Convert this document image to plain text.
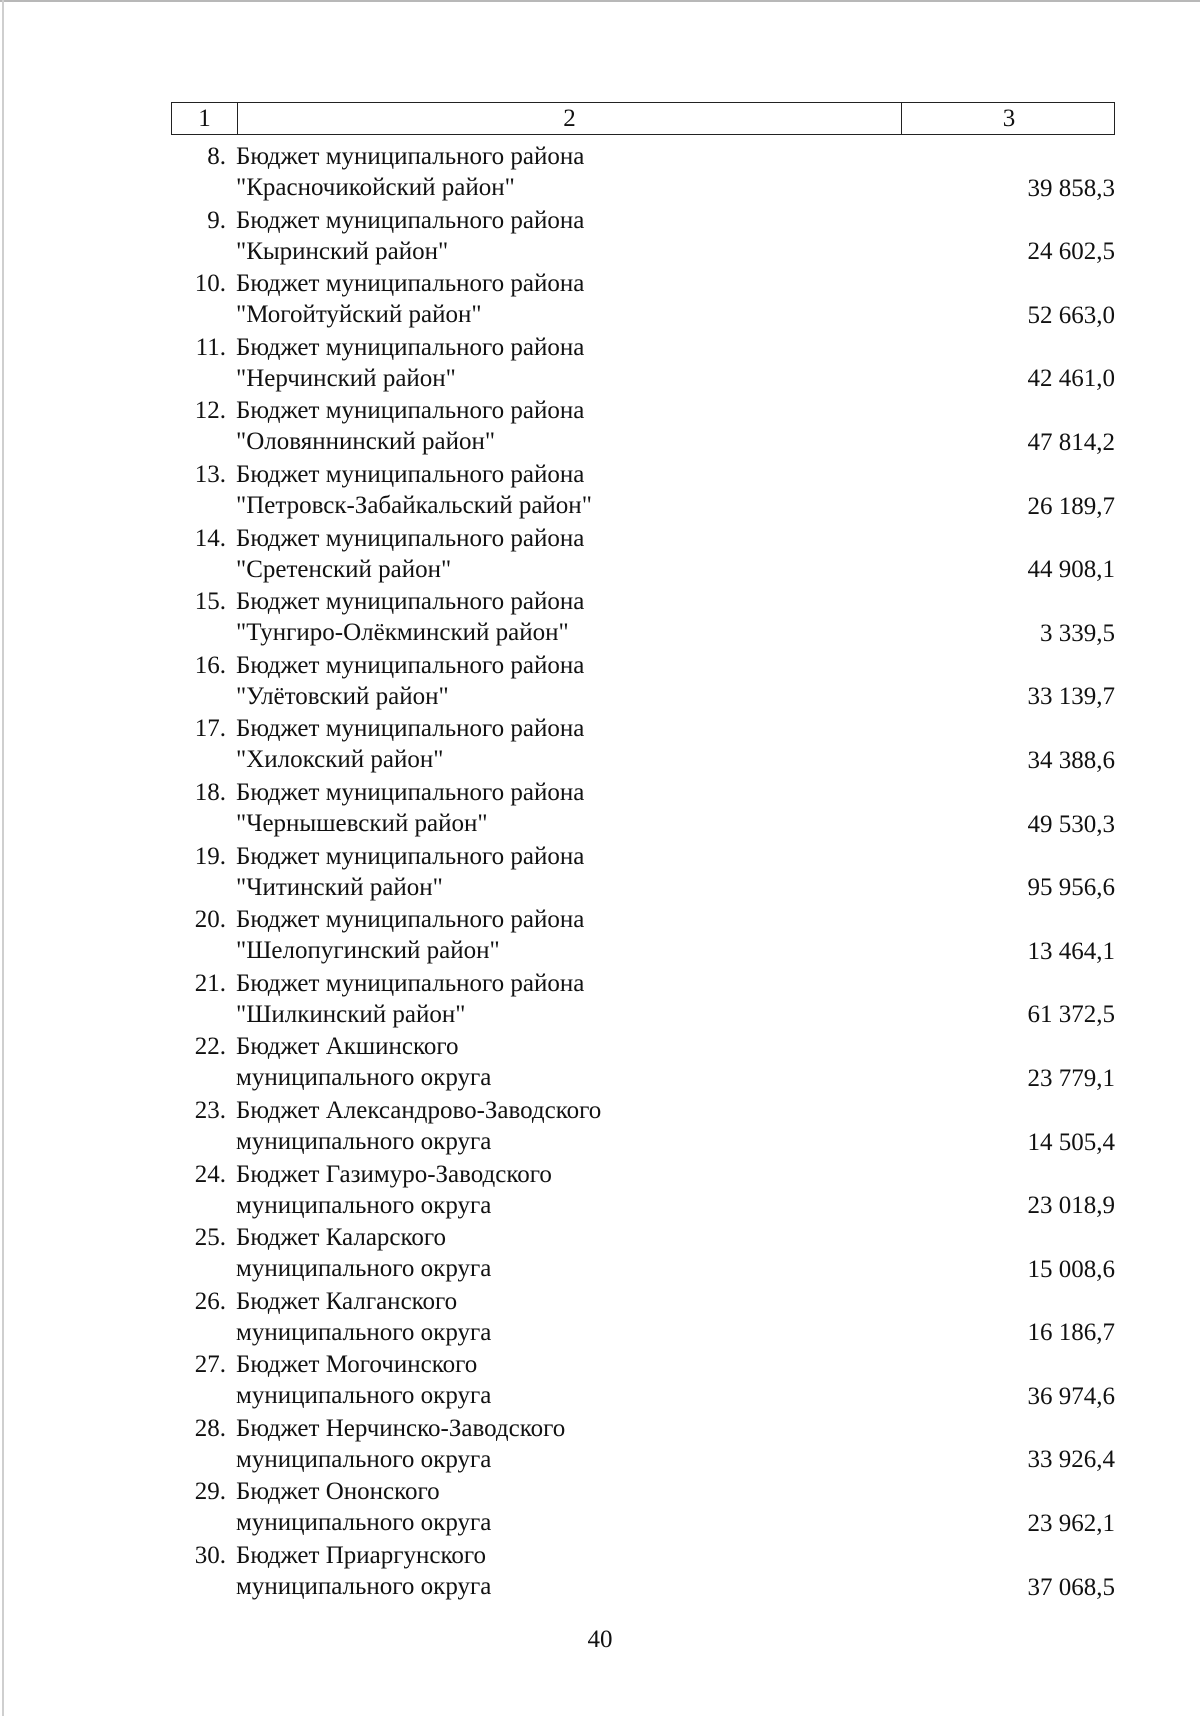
1	2	3
8. Бюджет муниципального района
"Красночикойский район"	39 858,3
9. Бюджет муниципального района
"Кыринский район"	24 602,5
10. Бюджет муниципального района
"Могойтуйский район"	52 663,0
11. Бюджет муниципального района
"Нерчинский район"	42 461,0
12. Бюджет муниципального района
"Оловяннинский район"	47 814,2
13. Бюджет муниципального района
"Петровск-Забайкальский район"	26 189,7
14. Бюджет муниципального района
"Сретенский район"	44 908,1
15. Бюджет муниципального района
"Тунгиро-Олёкминский район"	3 339,5
16. Бюджет муниципального района
"Улётовский район"	33 139,7
17. Бюджет муниципального района
"Хилокский район"	34 388,6
18. Бюджет муниципального района
"Чернышевский район"	49 530,3
19. Бюджет муниципального района
"Читинский район"	95 956,6
20. Бюджет муниципального района
"Шелопугинский район"	13 464,1
21. Бюджет муниципального района
"Шилкинский район"	61 372,5
22. Бюджет Акшинского
муниципального округа	23 779,1
23. Бюджет Александрово-Заводского
муниципального округа	14 505,4
24. Бюджет Газимуро-Заводского
муниципального округа	23 018,9
25. Бюджет Каларского
муниципального округа	15 008,6
26. Бюджет Калганского
муниципального округа	16 186,7
27. Бюджет Могочинского
муниципального округа	36 974,6
28. Бюджет Нерчинско-Заводского
муниципального округа	33 926,4
29. Бюджет Ононского
муниципального округа	23 962,1
30. Бюджет Приаргунского
муниципального округа	37 068,5
40
